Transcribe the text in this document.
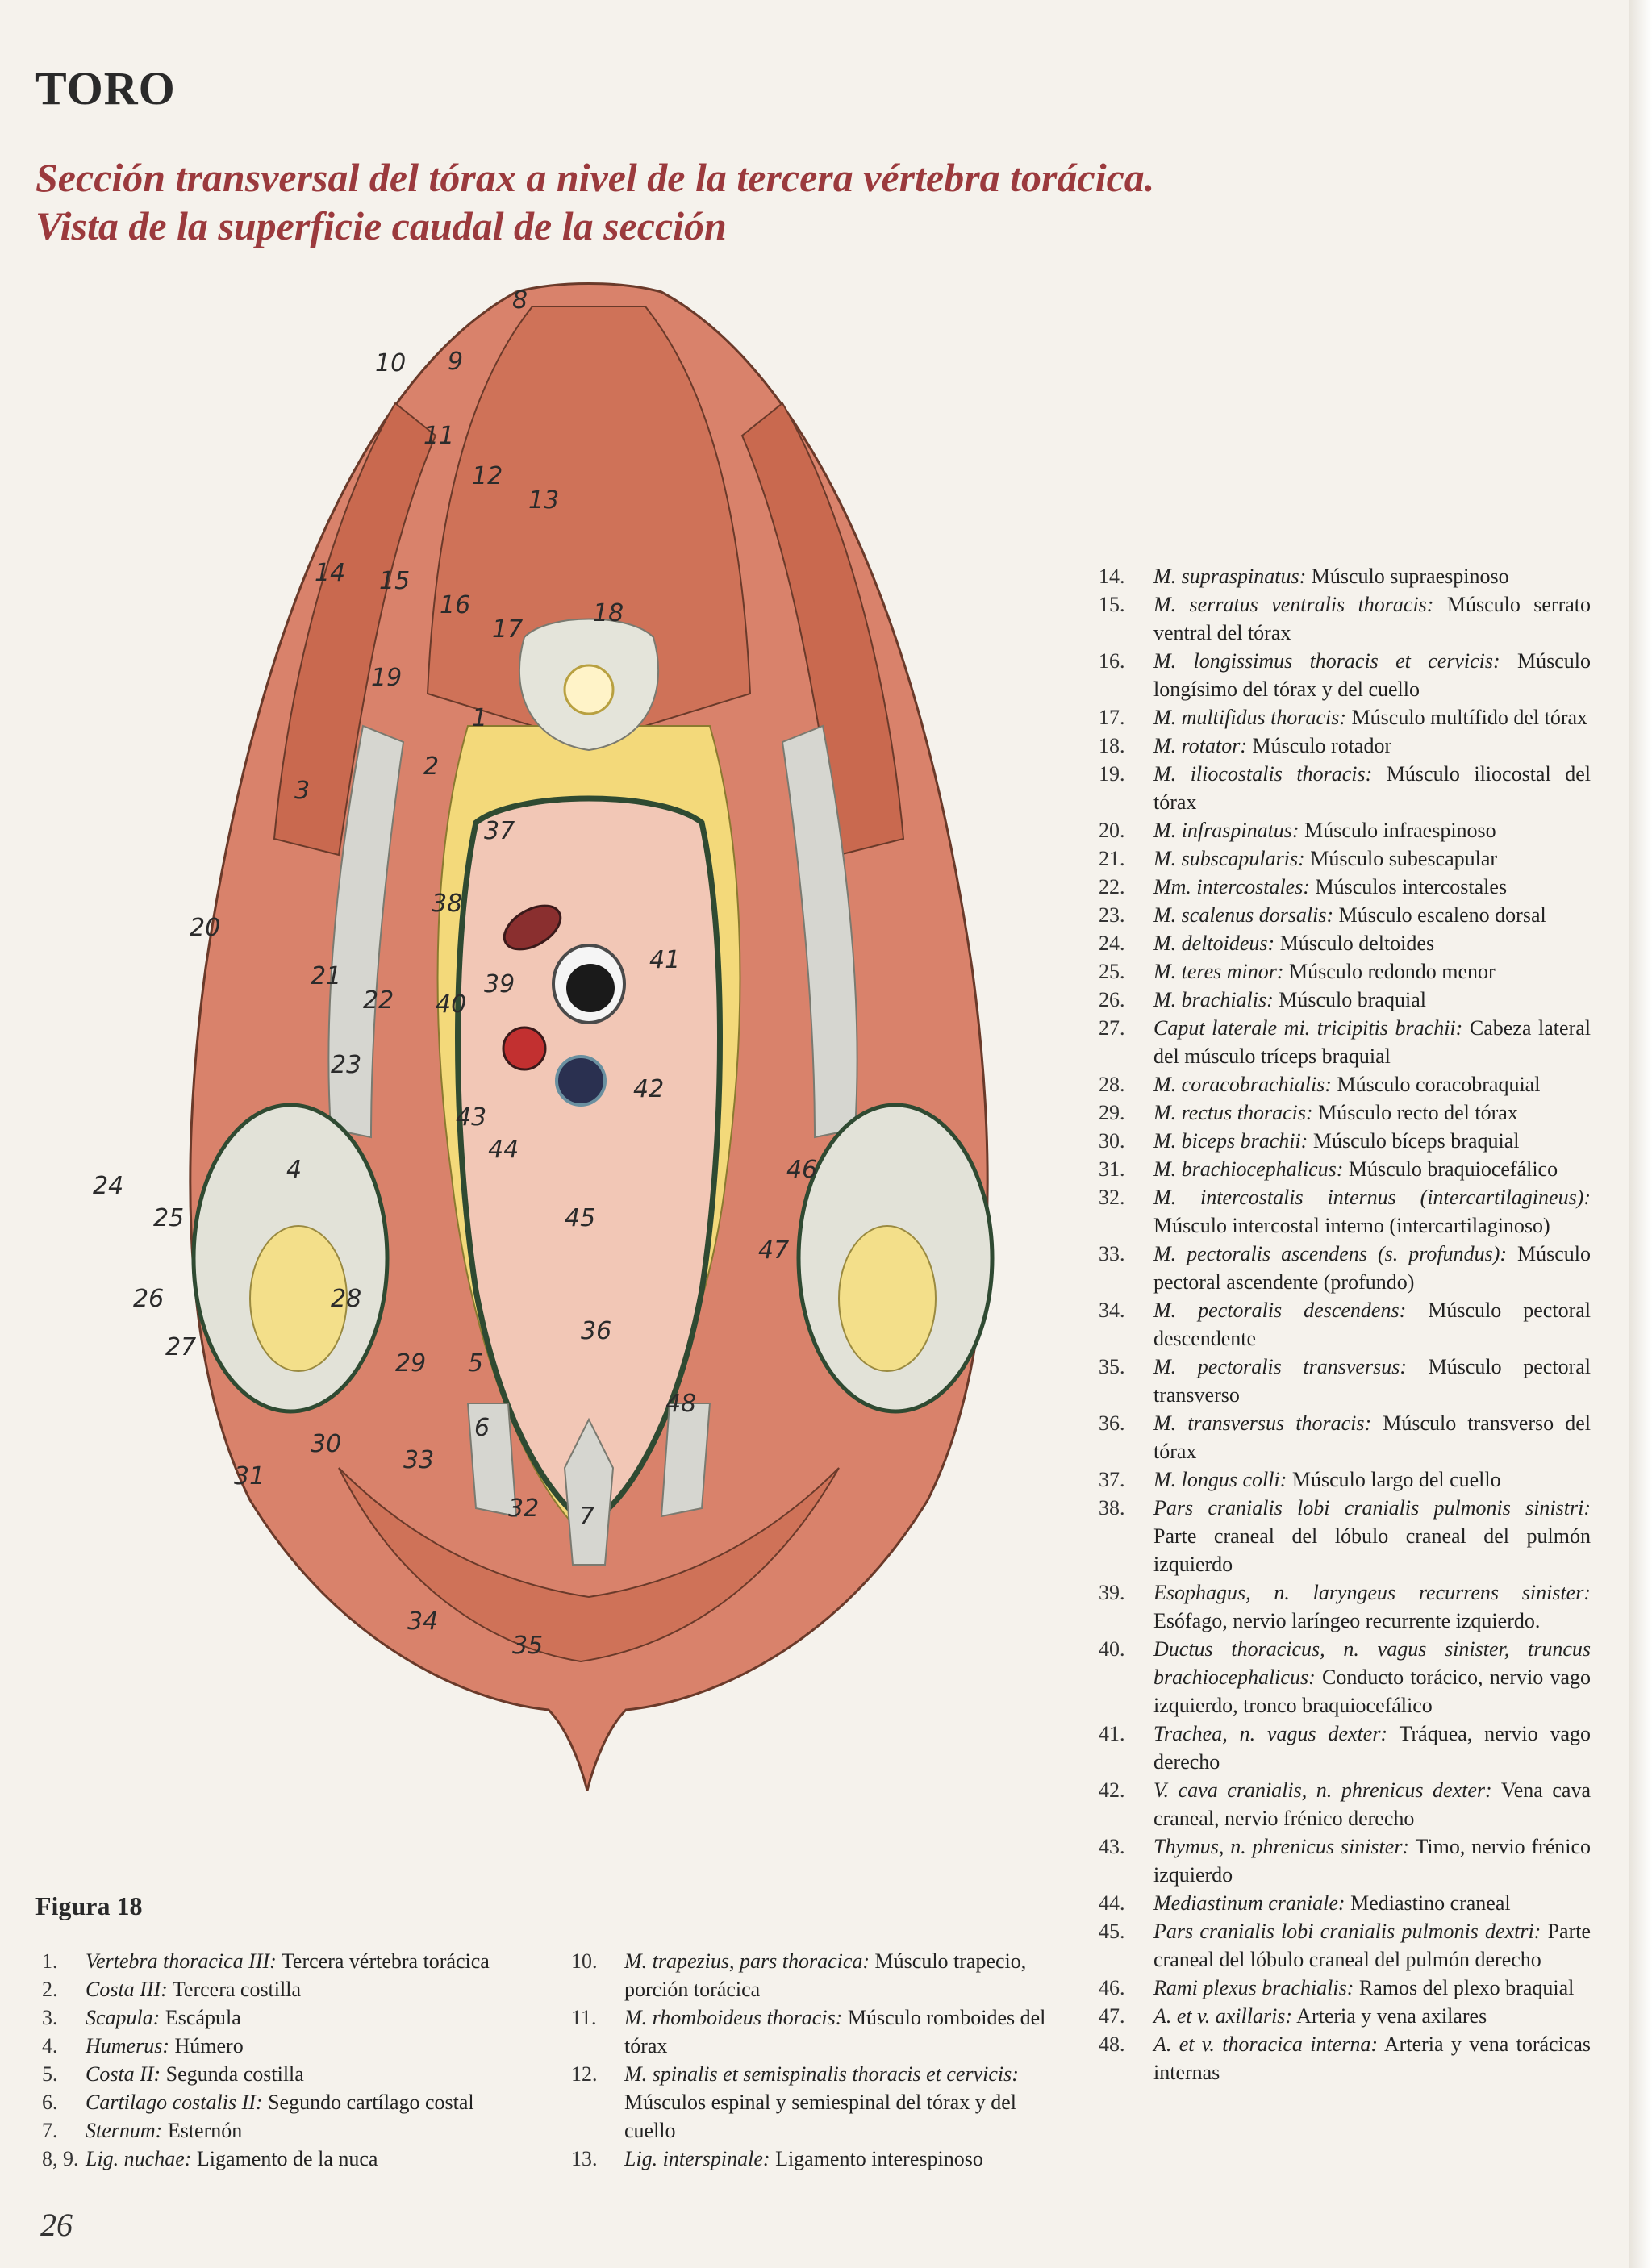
TORO
Sección transversal del tórax a nivel de la tercera vértebra torácica.
Vista de la superficie caudal de la sección
1
2
3
4
5
6
7
8
9
10
11
12
13
14 15
16
17
18
19
20
21
22
23
24
25
26
27
28
29
30
31
32
33
34
35
36
37
38
39
40
41
42
43
44
45
46
47
48
Figura 18
1.	Vertebra thoracica III: Tercera vértebra torácica
2.	Costa III: Tercera costilla
3.	Scapula: Escápula
4.	Humerus: Húmero
5.	Costa II: Segunda costilla
6.	Cartilago costalis II: Segundo cartílago costal
7.	Sternum: Esternón
8, 9. Lig. nuchae: Ligamento de la nuca
10.	M. trapezius, pars thoracica: Músculo trapecio, porción torácica
11.	M. rhomboideus thoracis: Músculo romboides del tórax
12.	M. spinalis et semispinalis thoracis et cervicis: Músculos espinal y semiespinal del tórax y del cuello
13.	Lig. interspinale: Ligamento interespinoso
14.	M. supraspinatus: Músculo supraespinoso
15.	M. serratus ventralis thoracis: Músculo serrato ventral del tórax
16.	M. longissimus thoracis et cervicis: Músculo longísimo del tórax y del cuello
17.	M. multifidus thoracis: Músculo multífido del tórax
18.	M. rotator: Músculo rotador
19.	M. iliocostalis thoracis: Músculo iliocostal del tórax
20.	M. infraspinatus: Músculo infraespinoso
21.	M. subscapularis: Músculo subescapular
22.	Mm. intercostales: Músculos intercostales
23.	M. scalenus dorsalis: Músculo escaleno dorsal
24.	M. deltoideus: Músculo deltoides
25.	M. teres minor: Músculo redondo menor
26.	M. brachialis: Músculo braquial
27.	Caput laterale mi. tricipitis brachii: Cabeza lateral del músculo tríceps braquial
28.	M. coracobrachialis: Músculo coracobraquial
29.	M. rectus thoracis: Músculo recto del tórax
30.	M. biceps brachii: Músculo bíceps braquial
31.	M. brachiocephalicus: Músculo braquiocefálico
32.	M. intercostalis internus (intercartilagineus): Músculo intercostal interno (intercartilaginoso)
33.	M. pectoralis ascendens (s. profundus): Músculo pectoral ascendente (profundo)
34.	M. pectoralis descendens: Músculo pectoral descendente
35.	M. pectoralis transversus: Músculo pectoral transverso
36.	M. transversus thoracis: Músculo transverso del tórax
37.	M. longus colli: Músculo largo del cuello
38.	Pars cranialis lobi cranialis pulmonis sinistri: Parte craneal del lóbulo craneal del pulmón izquierdo
39.	Esophagus, n. laryngeus recurrens sinister: Esófago, nervio laríngeo recurrente izquierdo.
40.	Ductus thoracicus, n. vagus sinister, truncus brachiocephalicus: Conducto torácico, nervio vago izquierdo, tronco braquiocefálico
41.	Trachea, n. vagus dexter: Tráquea, nervio vago derecho
42.	V. cava cranialis, n. phrenicus dexter: Vena cava craneal, nervio frénico derecho
43.	Thymus, n. phrenicus sinister: Timo, nervio frénico izquierdo
44.	Mediastinum craniale: Mediastino craneal
45.	Pars cranialis lobi cranialis pulmonis dextri: Parte craneal del lóbulo craneal del pulmón derecho
46.	Rami plexus brachialis: Ramos del plexo braquial
47.	A. et v. axillaris: Arteria y vena axilares
48.	A. et v. thoracica interna: Arteria y vena torácicas internas
26
